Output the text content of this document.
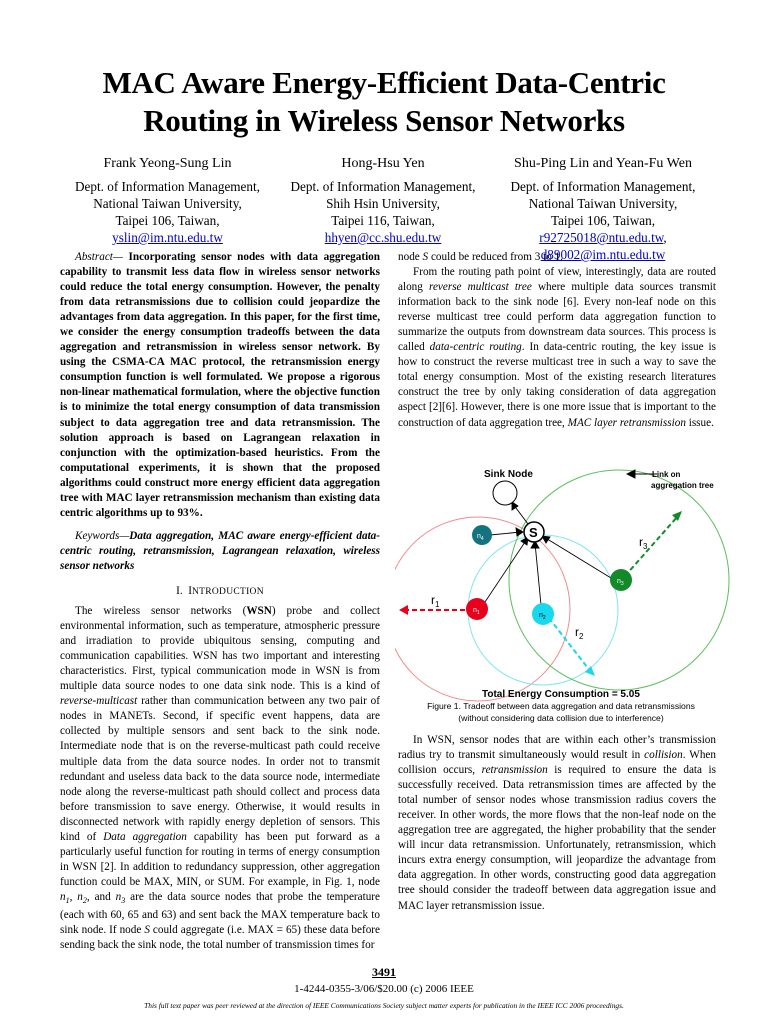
MAC Aware Energy-Efficient Data-Centric
Routing in Wireless Sensor Networks
Frank Yeong-Sung Lin
Dept. of Information Management,
National Taiwan University,
Taipei 106, Taiwan,
yslin@im.ntu.edu.tw
Hong-Hsu Yen
Dept. of Information Management,
Shih Hsin University,
Taipei 116, Taiwan,
hhyen@cc.shu.edu.tw
Shu-Ping Lin and Yean-Fu Wen
Dept. of Information Management,
National Taiwan University,
Taipei 106, Taiwan,
r92725018@ntu.edu.tw, d89002@im.ntu.edu.tw

Abstract— Incorporating sensor nodes with data aggregation capability to transmit less data flow in wireless sensor networks could reduce the total energy consumption. However, the penalty from data retransmissions due to collision could jeopardize the advantages from data aggregation. In this paper, for the first time, we consider the energy consumption tradeoffs between the data aggregation and retransmission in wireless sensor network. By using the CSMA-CA MAC protocol, the retransmission energy consumption function is well formulated. We propose a rigorous non-linear mathematical formulation, where the objective function is to minimize the total energy consumption of data transmission subject to data aggregation tree and data retransmission. The solution approach is based on Lagrangean relaxation in conjunction with the optimization-based heuristics. From the computational experiments, it is shown that the proposed algorithms could construct more energy efficient data aggregation tree with MAC layer retransmission mechanism than existing data centric algorithms up to 93%.

Keywords—Data aggregation, MAC aware energy-efficient data-centric routing, retransmission, Lagrangean relaxation, wireless sensor networks

I. INTRODUCTION

The wireless sensor networks (WSN) probe and collect environmental information, such as temperature, atmospheric pressure and irradiation to provide ubiquitous sensing, computing and communication capabilities. WSN has two important and interesting characteristics. First, typical communication mode in WSN is from multiple data source nodes to one data sink node. This is a kind of reverse-multicast rather than communication between any two pair of nodes in MANETs. Second, if specific event happens, data are collected by multiple sensors and sent back to the sink node. Intermediate node that is on the reverse-multicast path could receive multiple data from the data source nodes. In order not to transmit redundant and useless data back to the data source node, intermediate node along the reverse-multicast path should collect and process data before transmission to save energy. Otherwise, it would results in disconnected network with rapidly energy depletion of sensors. This kind of Data aggregation capability has been put forward as a particularly useful function for routing in terms of energy consumption in WSN [2]. In addition to redundancy suppression, other aggregation function could be MAX, MIN, or SUM. For example, in Fig. 1, node $n_1$, $n_2$, and $n_3$ are the data source nodes that probe the temperature (each with 60, 65 and 63) and sent back the MAX temperature back to sink node. If node S could aggregate (i.e. MAX = 65) these data before sending back the sink node, the total number of transmission times for

node S could be reduced from 3 to 1.

From the routing path point of view, interestingly, data are routed along reverse multicast tree where multiple data sources transmit information back to the sink node [6]. Every non-leaf node on this reverse multicast tree could perform data aggregation function to summarize the outputs from downstream data sources. This process is called data-centric routing. In data-centric routing, the key issue is how to construct the reverse multicast tree in such a way to save the total energy consumption. Most of the existing research literatures construct the tree by only taking consideration of data aggregation aspect [2][6]. However, there is one more issue that is important to the construction of data aggregation tree, MAC layer retransmission issue.

Sink Node	Link on
aggregation tree
S
$n_4$
$n_1$	$n_2$
$n_3$
$r_1$
$r_2$
$r_3$
Total Energy Consumption = 5.05
Figure 1. Tradeoff between data aggregation and data retransmissions
(without considering data collision due to interference)

In WSN, sensor nodes that are within each other’s transmission radius try to transmit simultaneously would result in collision. When collision occurs, retransmission is required to ensure the data is successfully received. Data retransmission times are affected by the total number of sensor nodes whose transmission radius covers the receiver. In other words, the more flows that the non-leaf node on the aggregation tree are aggregated, the higher probability that the sender will incur data retransmission. Unfortunately, retransmission, which incurs extra energy consumption, will jeopardize the advantage from data aggregation. In other words, constructing good data aggregation tree should consider the tradeoff between data aggregation issue and MAC layer retransmission issue.

3491
1-4244-0355-3/06/$20.00 (c) 2006 IEEE
This full text paper was peer reviewed at the direction of IEEE Communications Society subject matter experts for publication in the IEEE ICC 2006 proceedings.
